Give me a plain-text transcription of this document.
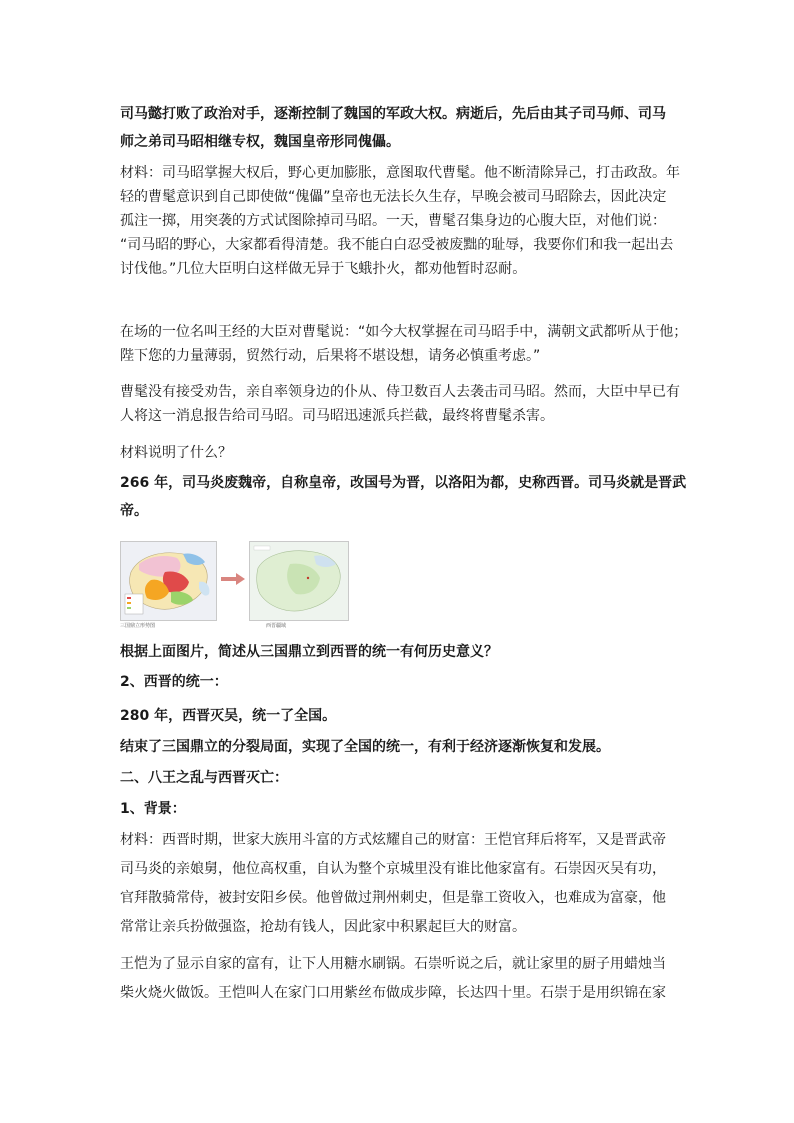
司马懿打败了政治对手，逐渐控制了魏国的军政大权。病逝后，先后由其子司马师、司马
师之弟司马昭相继专权，魏国皇帝形同傀儡。

材料：司马昭掌握大权后，野心更加膨胀，意图取代曹髦。他不断清除异己，打击政敌。年
轻的曹髦意识到自己即使做“傀儡”皇帝也无法长久生存，早晚会被司马昭除去，因此决定
孤注一掷，用突袭的方式试图除掉司马昭。一天，曹髦召集身边的心腹大臣，对他们说：
“司马昭的野心，大家都看得清楚。我不能白白忍受被废黜的耻辱，我要你们和我一起出去
讨伐他。”几位大臣明白这样做无异于飞蛾扑火，都劝他暂时忍耐。

在场的一位名叫王经的大臣对曹髦说：“如今大权掌握在司马昭手中，满朝文武都听从于他；
陛下您的力量薄弱，贸然行动，后果将不堪设想，请务必慎重考虑。”

曹髦没有接受劝告，亲自率领身边的仆从、侍卫数百人去袭击司马昭。然而，大臣中早已有
人将这一消息报告给司马昭。司马昭迅速派兵拦截，最终将曹髦杀害。

材料说明了什么？

266 年，司马炎废魏帝，自称皇帝，改国号为晋，以洛阳为都，史称西晋。司马炎就是晋武
帝。

三国鼎立形势图	西晋疆域

根据上面图片，简述从三国鼎立到西晋的统一有何历史意义？

2、西晋的统一：

280 年，西晋灭吴，统一了全国。

结束了三国鼎立的分裂局面，实现了全国的统一，有利于经济逐渐恢复和发展。

二、八王之乱与西晋灭亡：

1、背景：

材料：西晋时期，世家大族用斗富的方式炫耀自己的财富：王恺官拜后将军，又是晋武帝
司马炎的亲娘舅，他位高权重，自认为整个京城里没有谁比他家富有。石崇因灭吴有功，
官拜散骑常侍，被封安阳乡侯。他曾做过荆州刺史，但是靠工资收入，也难成为富豪，他
常常让亲兵扮做强盗，抢劫有钱人，因此家中积累起巨大的财富。

王恺为了显示自家的富有，让下人用糖水刷锅。石崇听说之后，就让家里的厨子用蜡烛当
柴火烧火做饭。王恺叫人在家门口用紫丝布做成步障，长达四十里。石崇于是用织锦在家
